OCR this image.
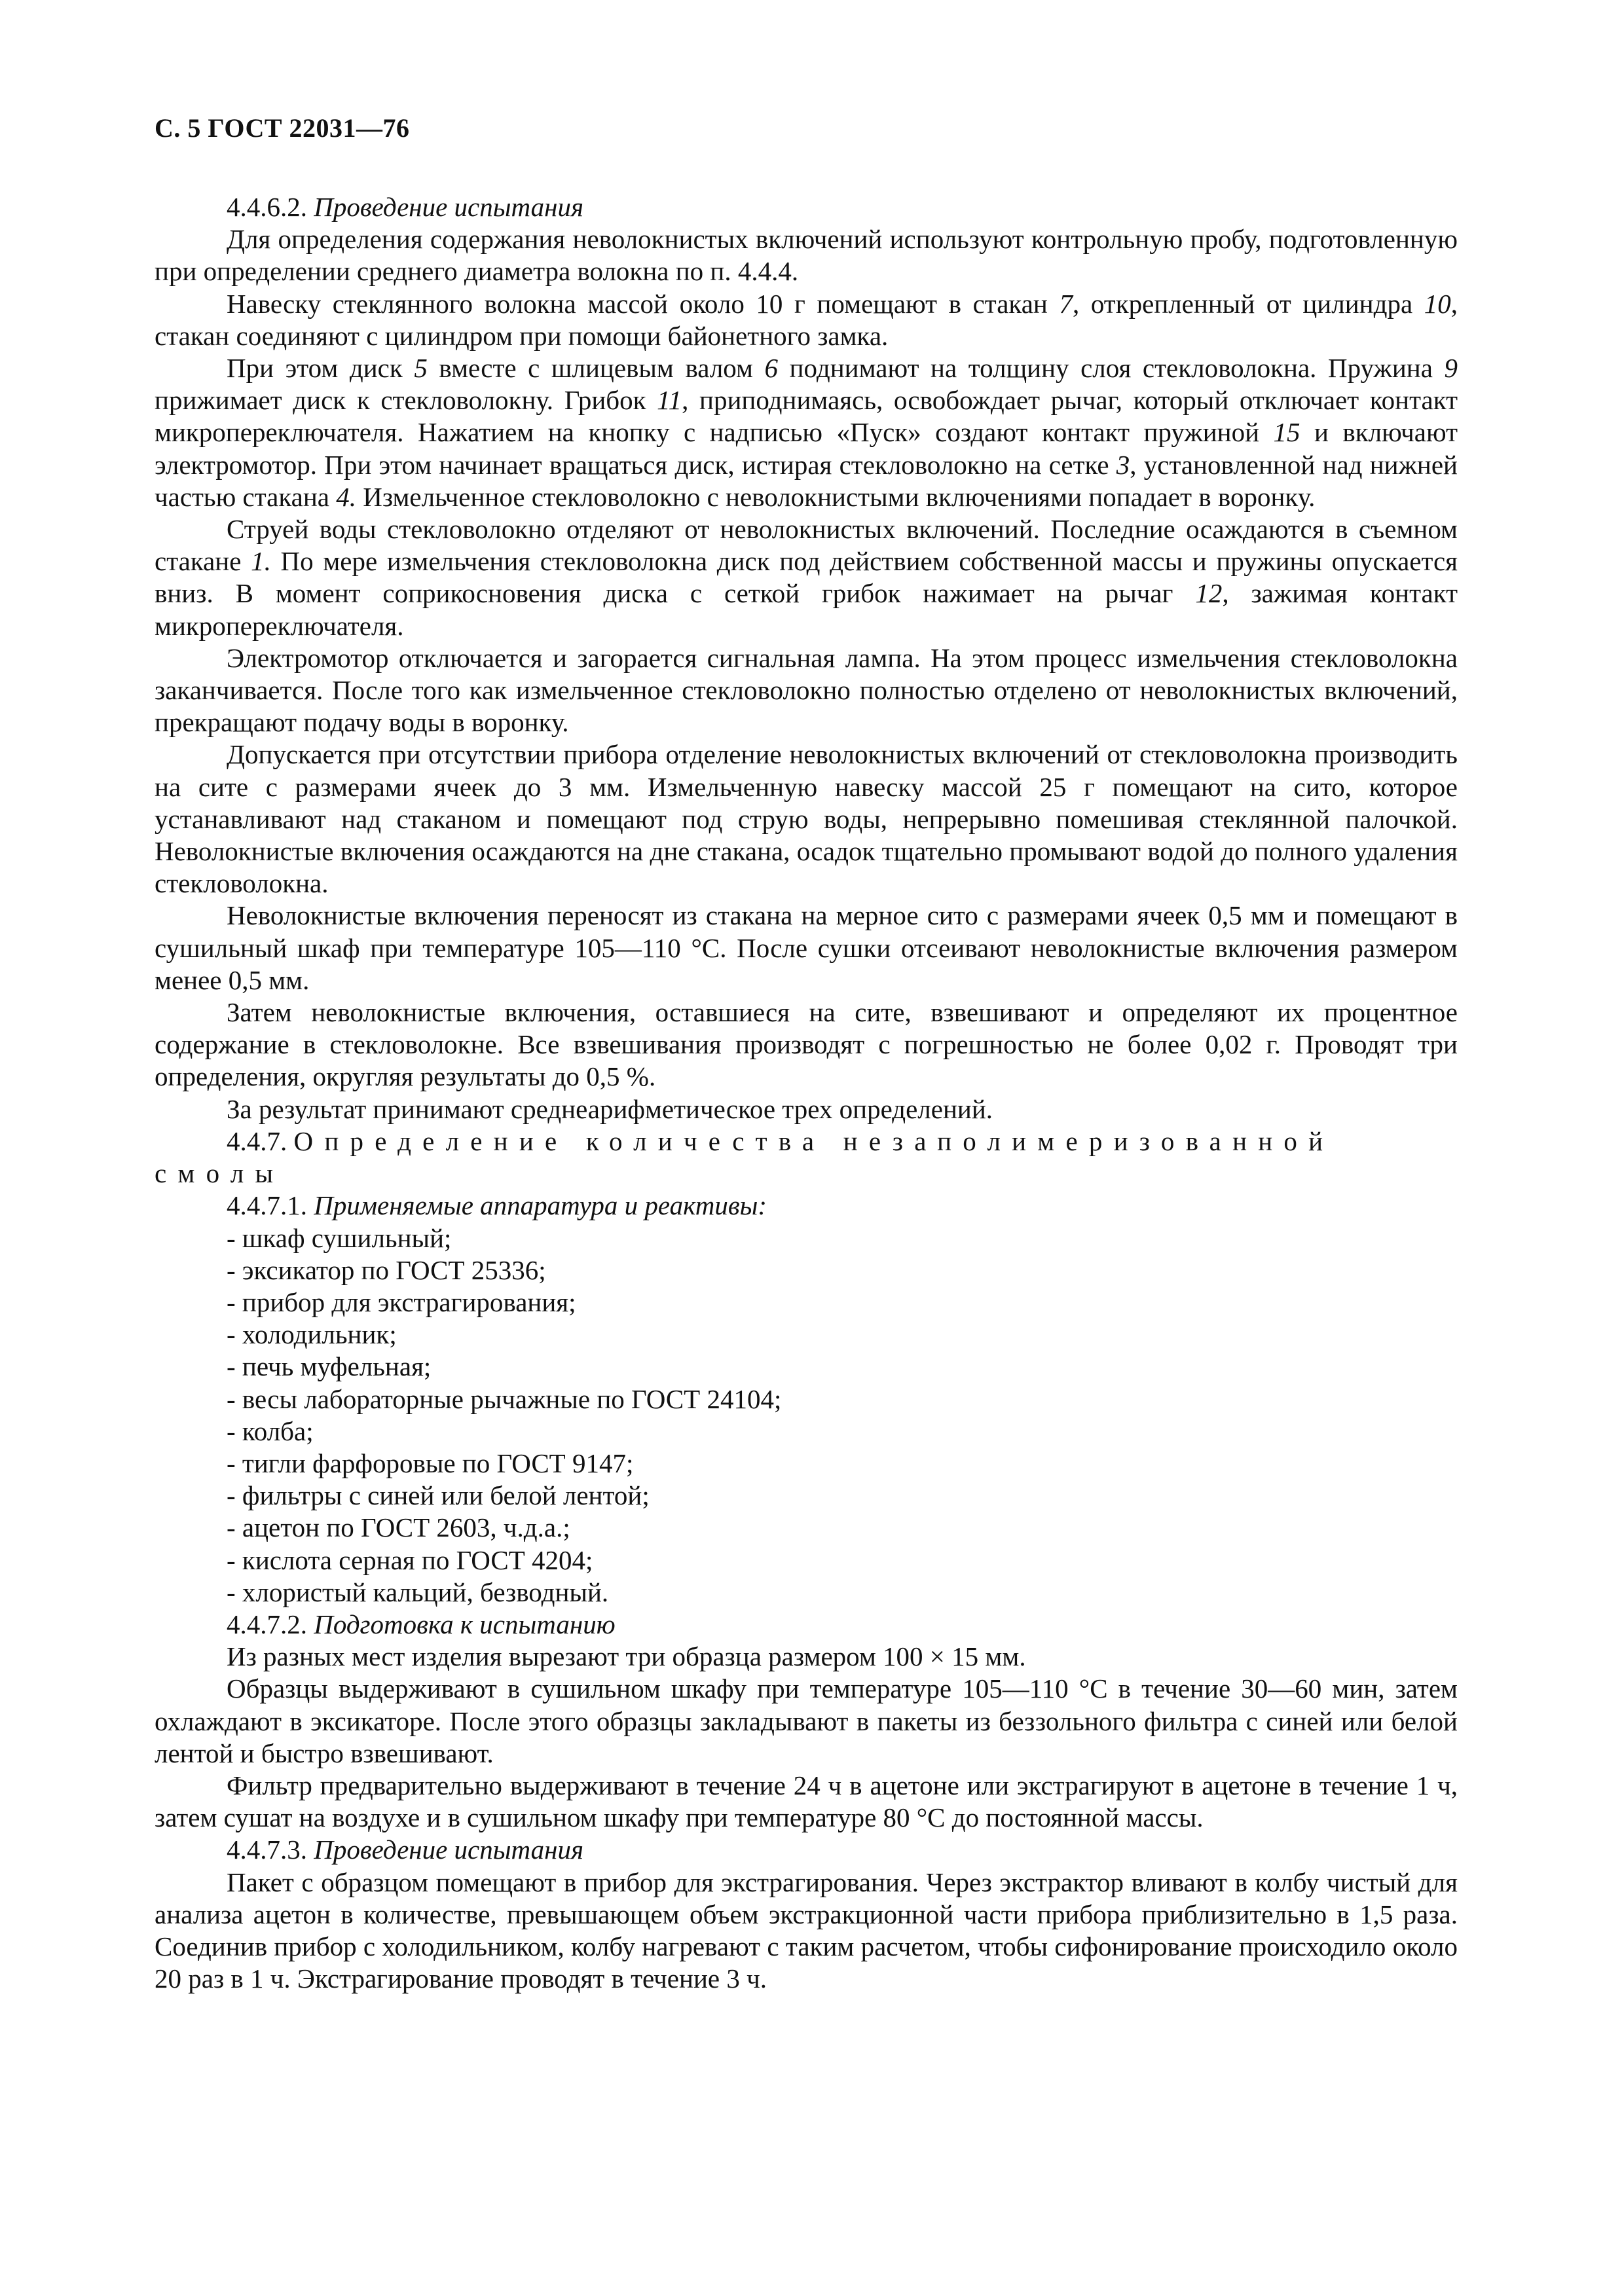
С. 5 ГОСТ 22031—76

4.4.6.2. Проведение испытания

Для определения содержания неволокнистых включений используют контрольную пробу, подготовленную при определении среднего диаметра волокна по п. 4.4.4.

Навеску стеклянного волокна массой около 10 г помещают в стакан 7, открепленный от цилиндра 10, стакан соединяют с цилиндром при помощи байонетного замка.

При этом диск 5 вместе с шлицевым валом 6 поднимают на толщину слоя стекловолокна. Пружина 9 прижимает диск к стекловолокну. Грибок 11, приподнимаясь, освобождает рычаг, который отключает контакт микропереключателя. Нажатием на кнопку с надписью «Пуск» создают контакт пружиной 15 и включают электромотор. При этом начинает вращаться диск, истирая стекловолокно на сетке 3, установленной над нижней частью стакана 4. Измельченное стекловолокно с неволокнистыми включениями попадает в воронку.

Струей воды стекловолокно отделяют от неволокнистых включений. Последние осаждаются в съемном стакане 1. По мере измельчения стекловолокна диск под действием собственной массы и пружины опускается вниз. В момент соприкосновения диска с сеткой грибок нажимает на рычаг 12, зажимая контакт микропереключателя.

Электромотор отключается и загорается сигнальная лампа. На этом процесс измельчения стекловолокна заканчивается. После того как измельченное стекловолокно полностью отделено от неволокнистых включений, прекращают подачу воды в воронку.

Допускается при отсутствии прибора отделение неволокнистых включений от стекловолокна производить на сите с размерами ячеек до 3 мм. Измельченную навеску массой 25 г помещают на сито, которое устанавливают над стаканом и помещают под струю воды, непрерывно помешивая стеклянной палочкой. Неволокнистые включения осаждаются на дне стакана, осадок тщательно промывают водой до полного удаления стекловолокна.

Неволокнистые включения переносят из стакана на мерное сито с размерами ячеек 0,5 мм и помещают в сушильный шкаф при температуре 105—110 °С. После сушки отсеивают неволокнистые включения размером менее 0,5 мм.

Затем неволокнистые включения, оставшиеся на сите, взвешивают и определяют их процентное содержание в стекловолокне. Все взвешивания производят с погрешностью не более 0,02 г. Проводят три определения, округляя результаты до 0,5 %.

За результат принимают среднеарифметическое трех определений.

4.4.7. Определение количества незаполимеризованной смолы

4.4.7.1. Применяемые аппаратура и реактивы:

- шкаф сушильный;

- эксикатор по ГОСТ 25336;

- прибор для экстрагирования;

- холодильник;

- печь муфельная;

- весы лабораторные рычажные по ГОСТ 24104;

- колба;

- тигли фарфоровые по ГОСТ 9147;

- фильтры с синей или белой лентой;

- ацетон по ГОСТ 2603, ч.д.а.;

- кислота серная по ГОСТ 4204;

- хлористый кальций, безводный.

4.4.7.2. Подготовка к испытанию

Из разных мест изделия вырезают три образца размером 100 × 15 мм.

Образцы выдерживают в сушильном шкафу при температуре 105—110 °С в течение 30—60 мин, затем охлаждают в эксикаторе. После этого образцы закладывают в пакеты из беззольного фильтра с синей или белой лентой и быстро взвешивают.

Фильтр предварительно выдерживают в течение 24 ч в ацетоне или экстрагируют в ацетоне в течение 1 ч, затем сушат на воздухе и в сушильном шкафу при температуре 80 °С до постоянной массы.

4.4.7.3. Проведение испытания

Пакет с образцом помещают в прибор для экстрагирования. Через экстрактор вливают в колбу чистый для анализа ацетон в количестве, превышающем объем экстракционной части прибора приблизительно в 1,5 раза. Соединив прибор с холодильником, колбу нагревают с таким расчетом, чтобы сифонирование происходило около 20 раз в 1 ч. Экстрагирование проводят в течение 3 ч.
